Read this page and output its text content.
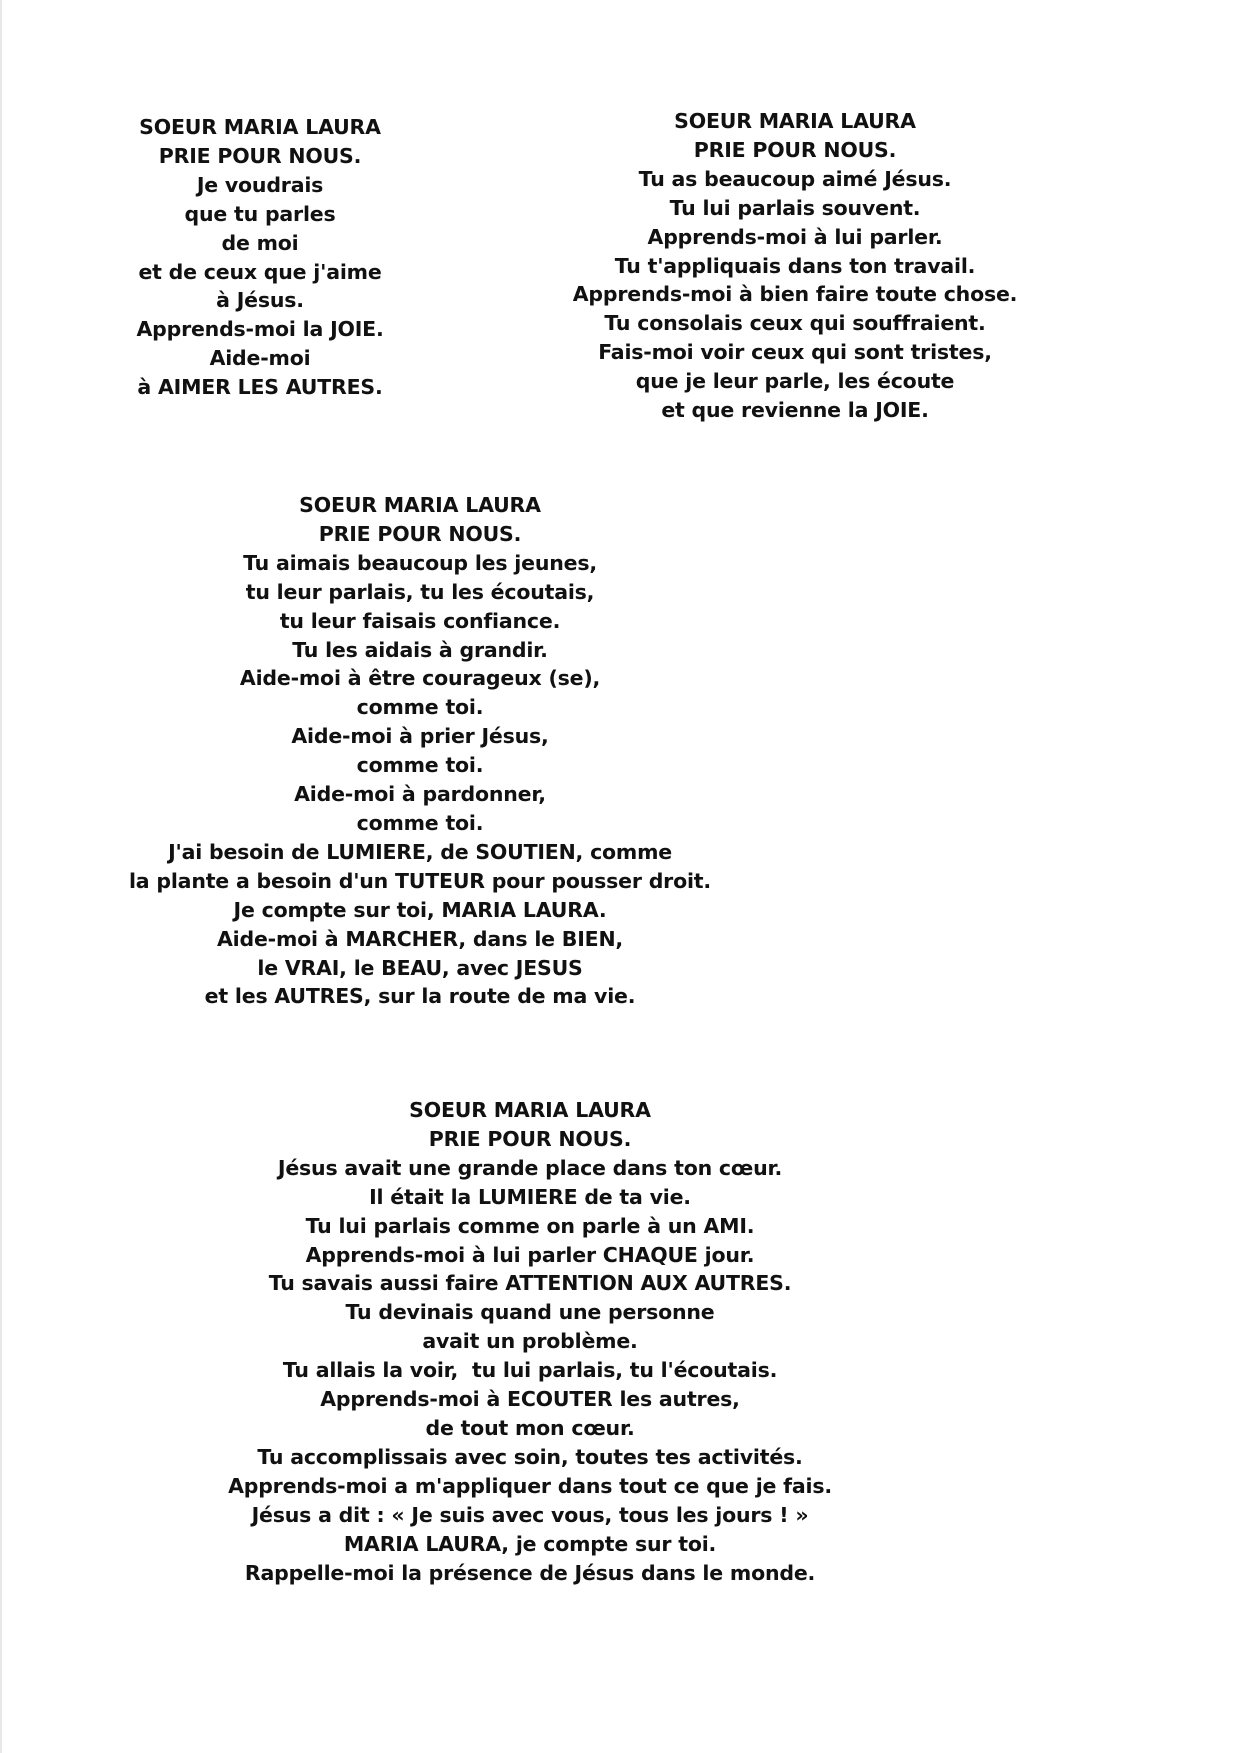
SOEUR MARIA LAURA
PRIE POUR NOUS.
Je voudrais
que tu parles
de moi
et de ceux que j'aime
à Jésus.
Apprends-moi la JOIE.
Aide-moi
à AIMER LES AUTRES.
SOEUR MARIA LAURA
PRIE POUR NOUS.
Tu as beaucoup aimé Jésus.
Tu lui parlais souvent.
Apprends-moi à lui parler.
Tu t'appliquais dans ton travail.
Apprends-moi à bien faire toute chose.
Tu consolais ceux qui souffraient.
Fais-moi voir ceux qui sont tristes,
que je leur parle, les écoute
et que revienne la JOIE.
SOEUR MARIA LAURA
PRIE POUR NOUS.
Tu aimais beaucoup les jeunes,
tu leur parlais, tu les écoutais,
tu leur faisais confiance.
Tu les aidais à grandir.
Aide-moi à être courageux (se),
comme toi.
Aide-moi à prier Jésus,
comme toi.
Aide-moi à pardonner,
comme toi.
J'ai besoin de LUMIERE, de SOUTIEN, comme
la plante a besoin d'un TUTEUR pour pousser droit.
Je compte sur toi, MARIA LAURA.
Aide-moi à MARCHER, dans le BIEN,
le VRAI, le BEAU, avec JESUS
et les AUTRES, sur la route de ma vie.
SOEUR MARIA LAURA
PRIE POUR NOUS.
Jésus avait une grande place dans ton cœur.
Il était la LUMIERE de ta vie.
Tu lui parlais comme on parle à un AMI.
Apprends-moi à lui parler CHAQUE jour.
Tu savais aussi faire ATTENTION AUX AUTRES.
Tu devinais quand une personne
avait un problème.
Tu allais la voir,  tu lui parlais, tu l'écoutais.
Apprends-moi à ECOUTER les autres,
de tout mon cœur.
Tu accomplissais avec soin, toutes tes activités.
Apprends-moi a m'appliquer dans tout ce que je fais.
Jésus a dit : « Je suis avec vous, tous les jours ! »
MARIA LAURA, je compte sur toi.
Rappelle-moi la présence de Jésus dans le monde.
